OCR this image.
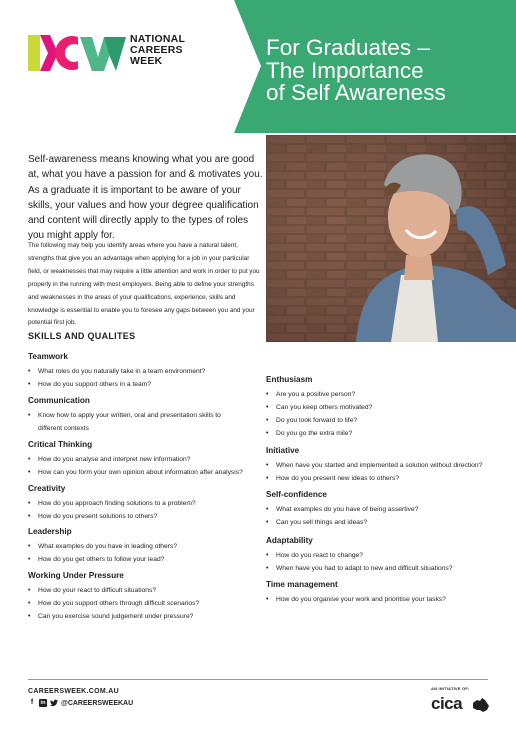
NATIONAL
CAREERS
WEEK
For Graduates –
The Importance
of Self Awareness
Self-awareness means knowing what you are good at, what you have a passion for and & motivates you. As a graduate it is important to be aware of your skills, your values and how your degree qualification and content will directly apply to the types of roles you might apply for.
The following may help you identify areas where you have a natural talent, strengths that give you an advantage when applying for a job in your particular field, or weaknesses that may require a little attention and work in order to put you properly in the running with most employers. Being able to define your strengths and weaknesses in the areas of your qualifications, experience, skills and knowledge is essential to enable you to foresee any gaps between you and your potential first job.
SKILLS AND QUALITES
Teamwork
• What roles do you naturally take in a team environment?
• How do you support others in a team?
Communication
• Know how to apply your written, oral and presentation skills to
different contexts
Critical Thinking
• How do you analyse and interpret new information?
• How can you form your own opinion about information after analysis?
Creativity
• How do you approach finding solutions to a problem?
• How do you present solutions to others?
Leadership
• What examples do you have in leading others?
• How do you get others to follow your lead?
Working Under Pressure
• How do your react to difficult situations?
• How do you support others through difficult scenarios?
• Can you exercise sound judgement under pressure?
Enthusiasm
• Are you a positive person?
• Can you keep others motivated?
• Do you look forward to life?
• Do you go the extra mile?
Initiative
• When have you started and implemented a solution without direction?
• How do you present new ideas to others?
Self-confidence
• What examples do you have of being assertive?
• Can you sell things and ideas?
Adaptability
• How do you react to change?
• When have you had to adapt to new and difficult situations?
Time management
• How do you organise your work and prioritise your tasks?
CAREERSWEEK.COM.AU
f	in @CAREERSWEEKAU
AN INITIATIVE OF:
cica
